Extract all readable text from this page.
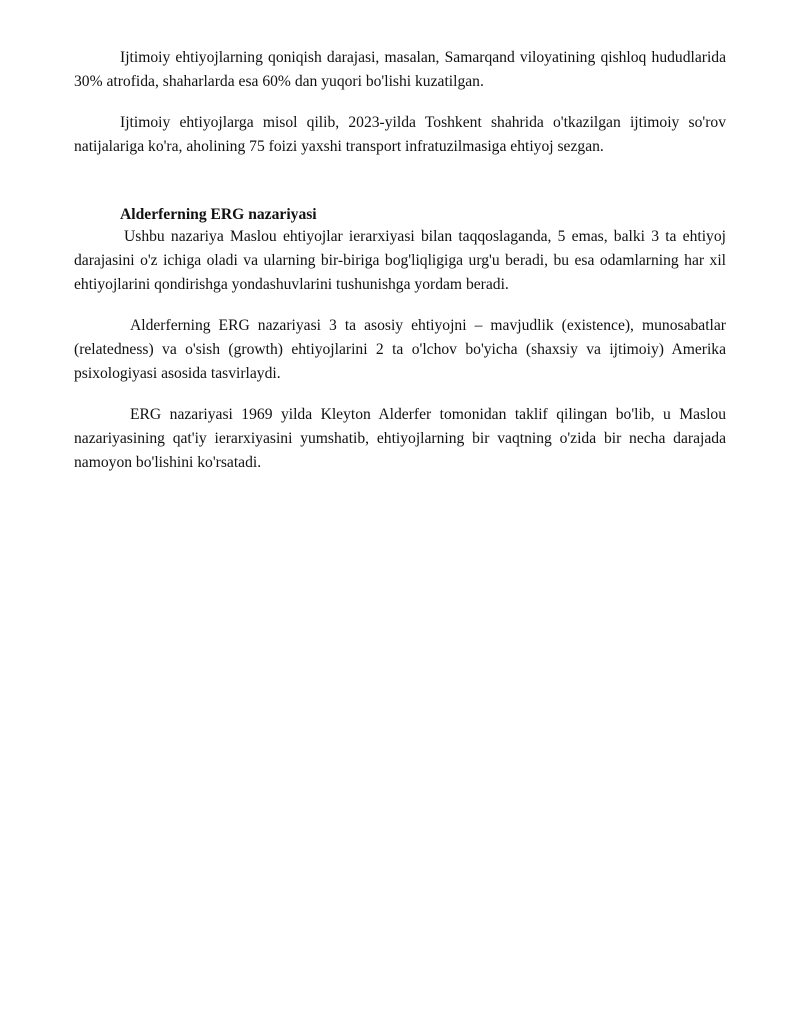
Ijtimoiy ehtiyojlarning qoniqish darajasi, masalan, Samarqand viloyatining qishloq hududlarida 30% atrofida, shaharlarda esa 60% dan yuqori bo'lishi kuzatilgan.

Ijtimoiy ehtiyojlarga misol qilib, 2023-yilda Toshkent shahrida o'tkazilgan ijtimoiy so'rov natijalariga ko'ra, aholining 75 foizi yaxshi transport infratuzilmasiga ehtiyoj sezgan.

Alderferning ERG nazariyasi

Ushbu nazariya Maslou ehtiyojlar ierarxiyasi bilan taqqoslaganda, 5 emas, balki 3 ta ehtiyoj darajasini o'z ichiga oladi va ularning bir-biriga bog'liqligiga urg'u beradi, bu esa odamlarning har xil ehtiyojlarini qondirishga yondashuvlarini tushunishga yordam beradi.

Alderferning ERG nazariyasi 3 ta asosiy ehtiyojni – mavjudlik (existence), munosabatlar (relatedness) va o'sish (growth) ehtiyojlarini 2 ta o'lchov bo'yicha (shaxsiy va ijtimoiy) Amerika psixologiyasi asosida tasvirlaydi.

ERG nazariyasi 1969 yilda Kleyton Alderfer tomonidan taklif qilingan bo'lib, u Maslou nazariyasining qat'iy ierarxiyasini yumshatib, ehtiyojlarning bir vaqtning o'zida bir necha darajada namoyon bo'lishini ko'rsatadi.
